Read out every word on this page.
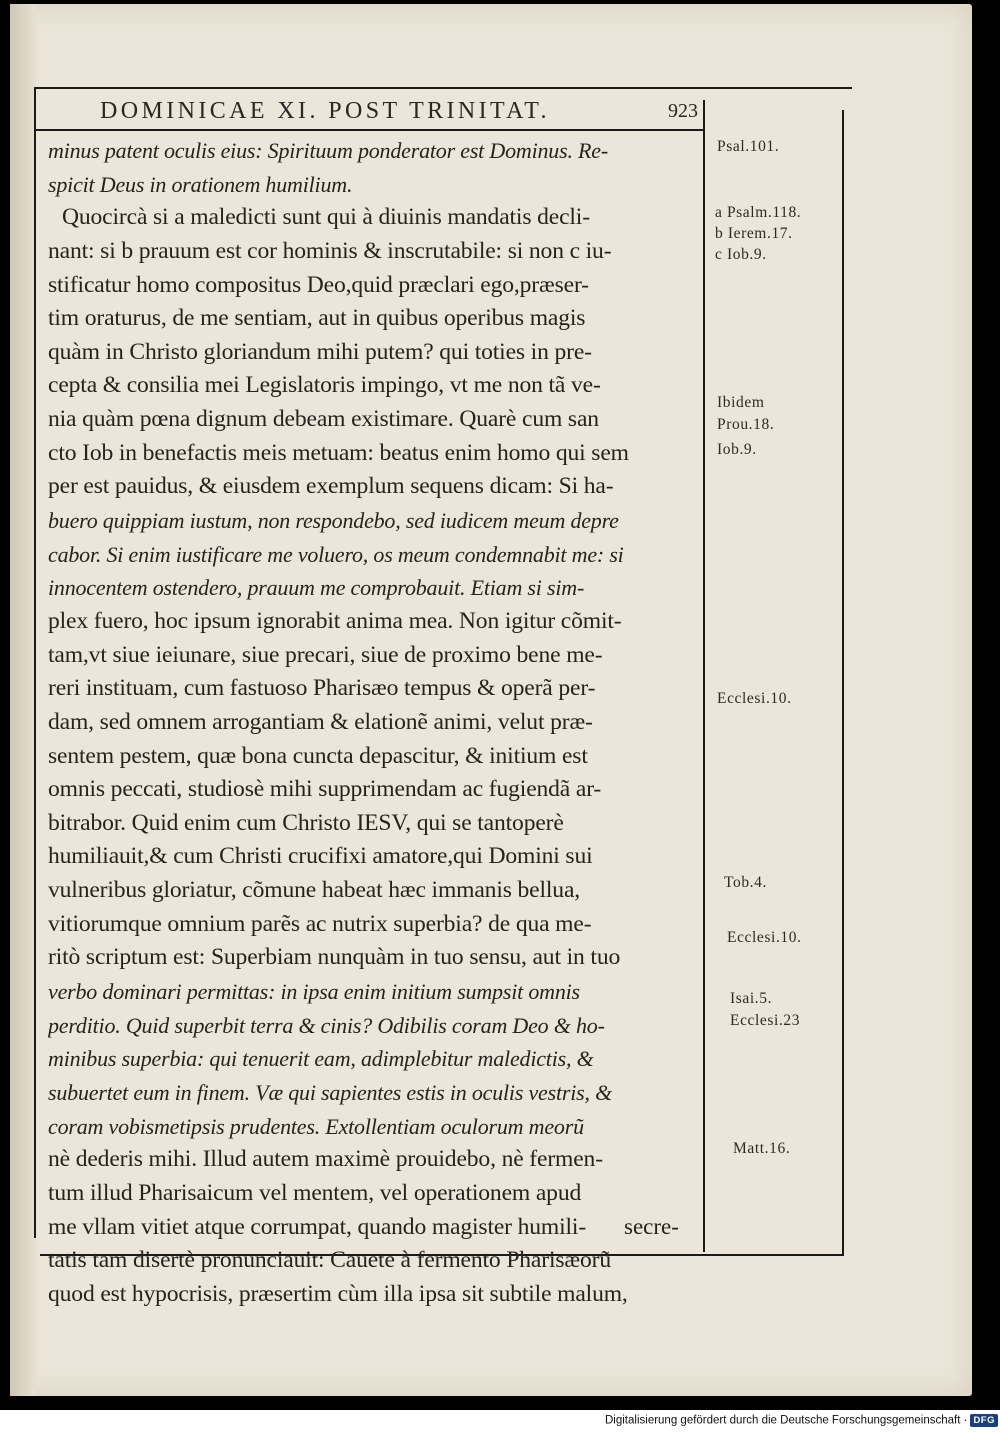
DOMINICAE XI. POST TRINITAT.	923
minus patent oculis eius: Spirituum ponderator est Dominus. Re-
spicit Deus in orationem humilium.
Quocircà si a maledicti sunt qui à diuinis mandatis decli-
nant: si b prauum est cor hominis & inscrutabile: si non c iu-
stificatur homo compositus Deo,quid præclari ego,præser-
tim oraturus, de me sentiam, aut in quibus operibus magis
quàm in Christo gloriandum mihi putem? qui toties in pre-
cepta & consilia mei Legislatoris impingo, vt me non tã ve-
nia quàm pœna dignum debeam existimare. Quarè cum san
cto Iob in benefactis meis metuam: beatus enim homo qui sem
per est pauidus, & eiusdem exemplum sequens dicam: Si ha-
buero quippiam iustum, non respondebo, sed iudicem meum depre
cabor. Si enim iustificare me voluero, os meum condemnabit me: si
innocentem ostendero, prauum me comprobauit. Etiam si sim-
plex fuero, hoc ipsum ignorabit anima mea. Non igitur cõmit-
tam,vt siue ieiunare, siue precari, siue de proximo bene me-
reri instituam, cum fastuoso Pharisæo tempus & operã per-
dam, sed omnem arrogantiam & elationẽ animi, velut præ-
sentem pestem, quæ bona cuncta depascitur, & initium est
omnis peccati, studiosè mihi supprimendam ac fugiendã ar-
bitrabor. Quid enim cum Christo IESV, qui se tantoperè
humiliauit,& cum Christi crucifixi amatore,qui Domini sui
vulneribus gloriatur, cõmune habeat hæc immanis bellua,
vitiorumque omnium parẽs ac nutrix superbia? de qua me-
ritò scriptum est: Superbiam nunquàm in tuo sensu, aut in tuo
verbo dominari permittas: in ipsa enim initium sumpsit omnis
perditio. Quid superbit terra & cinis? Odibilis coram Deo & ho-
minibus superbia: qui tenuerit eam, adimplebitur maledictis, &
subuertet eum in finem. Væ qui sapientes estis in oculis vestris, &
coram vobismetipsis prudentes. Extollentiam oculorum meorũ
nè dederis mihi. Illud autem maximè prouidebo, nè fermen-
tum illud Pharisaicum vel mentem, vel operationem apud
me vllam vitiet atque corrumpat, quando magister humili-
tatis tam disertè pronunciauit: Cauete à fermento Pharisæorũ
quod est hypocrisis, præsertim cùm illa ipsa sit subtile malum,
secre-
Psal.101.
a Psalm.118.
b Ierem.17.
c Iob.9.
Ibidem
Prou.18.
Iob.9.
Ecclesi.10.
Tob.4.
Ecclesi.10.
Isai.5.
Ecclesi.23
Matt.16.
Digitalisierung gefördert durch die Deutsche Forschungsgemeinschaft · DFG
